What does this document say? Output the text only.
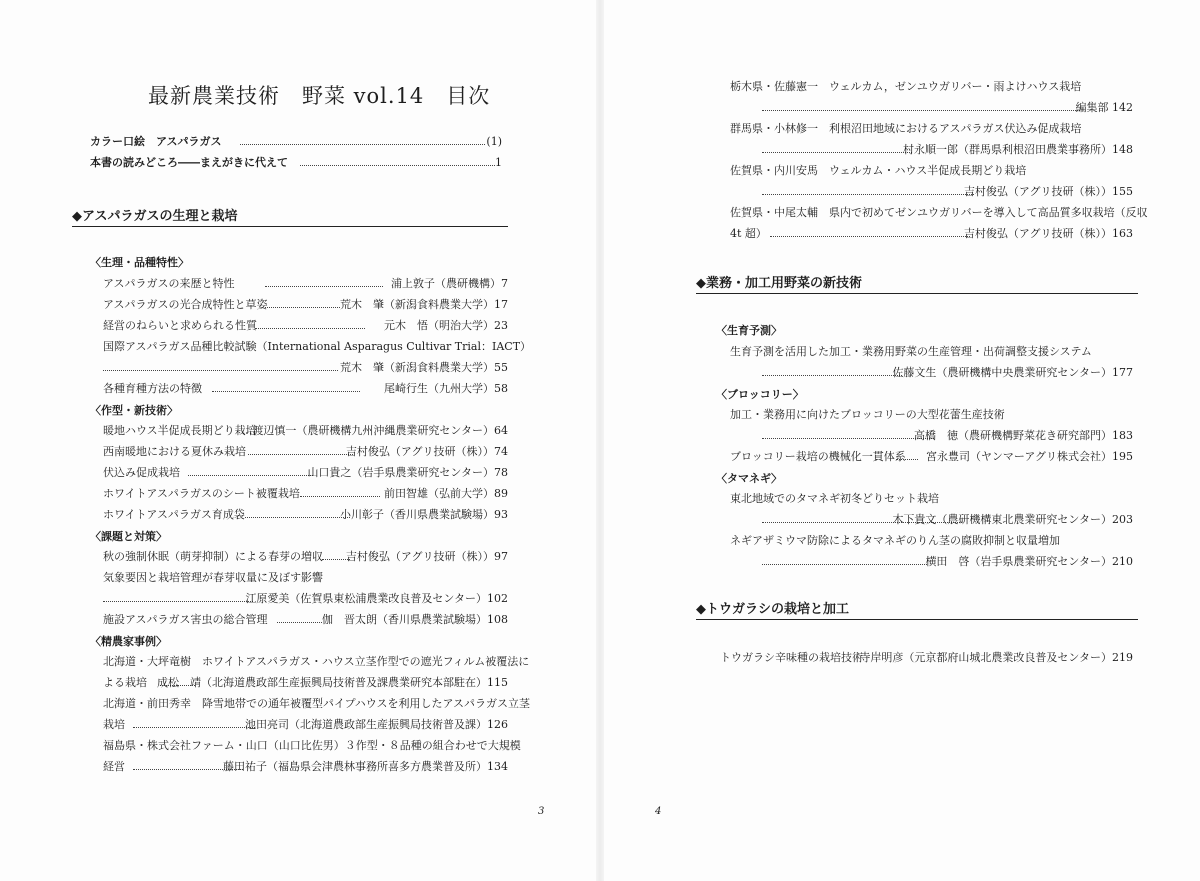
最新農業技術　野菜 vol.14　目次
カラー口絵　アスパラガス	(1)
本書の読みどころ――まえがきに代えて	1
◆アスパラガスの生理と栽培
〈生理・品種特性〉
アスパラガスの来歴と特性	浦上敦子（農研機構）7
アスパラガスの光合成特性と草姿	荒木　肇（新潟食料農業大学）17
経営のねらいと求められる性質	元木　悟（明治大学）23
国際アスパラガス品種比較試験（International Asparagus Cultivar Trial：IACT）
荒木　肇（新潟食料農業大学）55
各種育種方法の特徴	尾崎行生（九州大学）58
〈作型・新技術〉
暖地ハウス半促成長期どり栽培
…渡辺慎一（農研機構九州沖縄農業研究センター）64
西南暖地における夏休み栽培	吉村俊弘（アグリ技研（株））74
伏込み促成栽培	山口貴之（岩手県農業研究センター）78
ホワイトアスパラガスのシート被覆栽培	前田智雄（弘前大学）89
ホワイトアスパラガス育成袋	小川彰子（香川県農業試験場）93
〈課題と対策〉
秋の強制休眠（萌芽抑制）による春芽の増収 吉村俊弘（アグリ技研（株））97
気象要因と栽培管理が春芽収量に及ぼす影響
江原愛美（佐賀県東松浦農業改良普及センター）102
施設アスパラガス害虫の総合管理	伽　晋太朗（香川県農業試験場）108
〈精農家事例〉
北海道・大坪竜樹　ホワイトアスパラガス・ハウス立茎作型での遮光フィルム被覆法に
よる栽培 成松　靖（北海道農政部生産振興局技術普及課農業研究本部駐在）115
北海道・前田秀幸　降雪地帯での通年被覆型パイプハウスを利用したアスパラガス立茎
栽培	池田亮司（北海道農政部生産振興局技術普及課）126
福島県・株式会社ファーム・山口（山口比佐男）３作型・８品種の組合わせで大規模
経営	藤田祐子（福島県会津農林事務所喜多方農業普及所）134
3
栃木県・佐藤憲一　ウェルカム，ゼンユウガリバー・雨よけハウス栽培
編集部 142
群馬県・小林修一　利根沼田地域におけるアスパラガス伏込み促成栽培
村永順一郎（群馬県利根沼田農業事務所）148
佐賀県・内川安馬　ウェルカム・ハウス半促成長期どり栽培
吉村俊弘（アグリ技研（株））155
佐賀県・中尾太輔　県内で初めてゼンユウガリバーを導入して高品質多収栽培（反収
4t 超）	吉村俊弘（アグリ技研（株））163
◆業務・加工用野菜の新技術
〈生育予測〉
生育予測を活用した加工・業務用野菜の生産管理・出荷調整支援システム
佐藤文生（農研機構中央農業研究センター）177
〈ブロッコリー〉
加工・業務用に向けたブロッコリーの大型花蕾生産技術
高橋　徳（農研機構野菜花き研究部門）183
ブロッコリー栽培の機械化一貫体系 宮永豊司（ヤンマーアグリ株式会社）195
〈タマネギ〉
東北地域でのタマネギ初冬どりセット栽培
木下貴文（農研機構東北農業研究センター）203
ネギアザミウマ防除によるタマネギのりん茎の腐敗抑制と収量増加
横田　啓（岩手県農業研究センター）210
◆トウガラシの栽培と加工
トウガラシ辛味種の栽培技術
寺岸明彦（元京都府山城北農業改良普及センター）219
4
